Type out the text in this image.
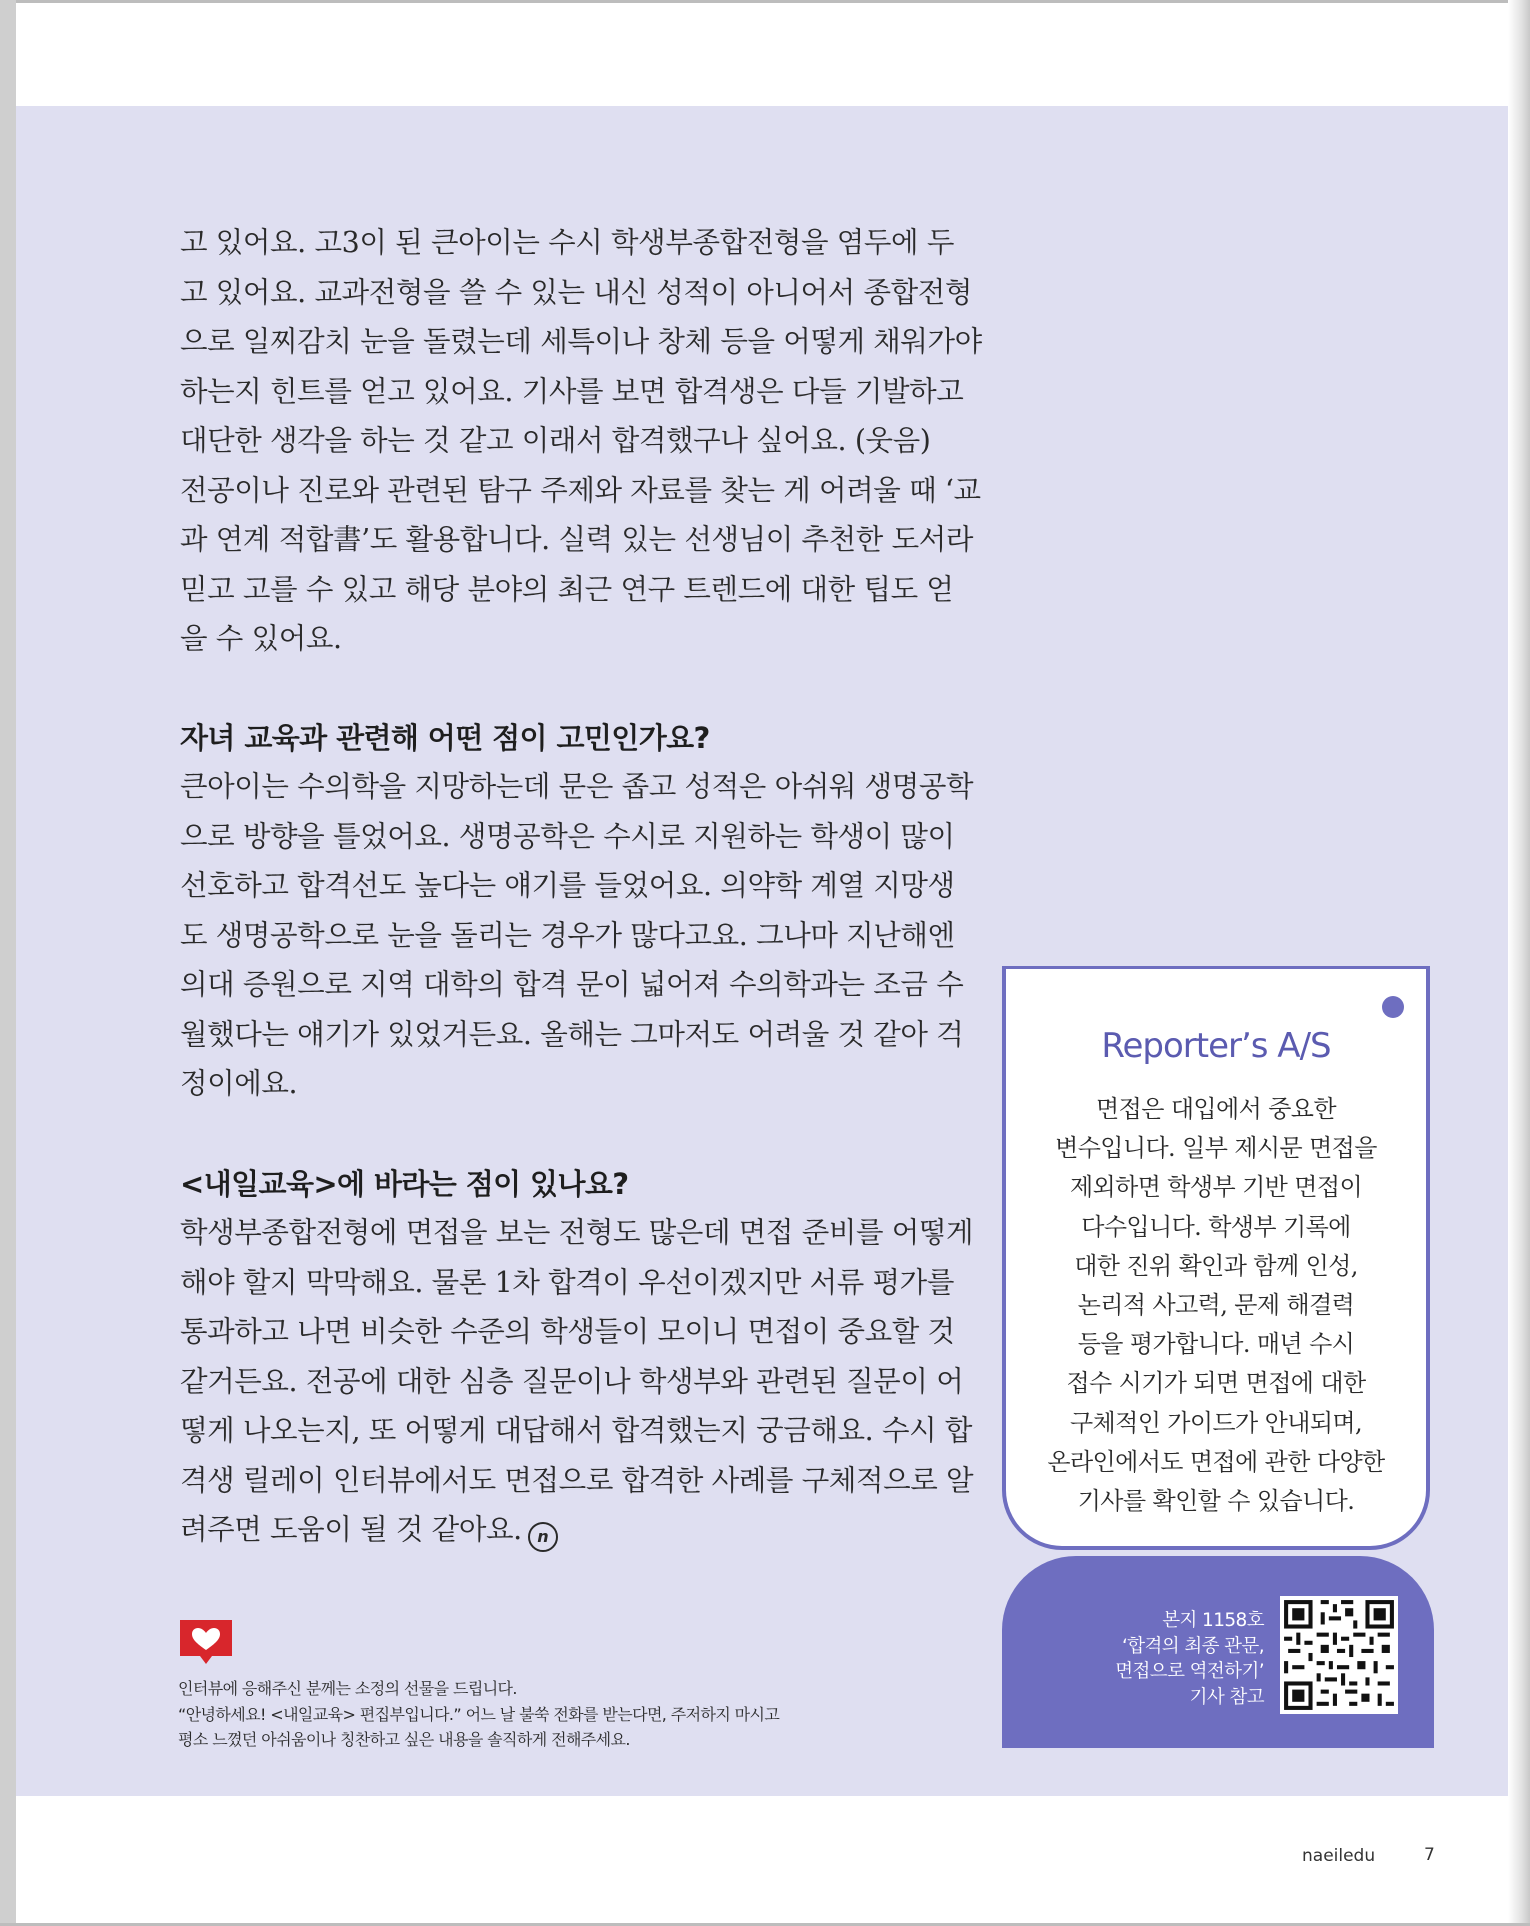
고 있어요. 고3이 된 큰아이는 수시 학생부종합전형을 염두에 두
고 있어요. 교과전형을 쓸 수 있는 내신 성적이 아니어서 종합전형
으로 일찌감치 눈을 돌렸는데 세특이나 창체 등을 어떻게 채워가야
하는지 힌트를 얻고 있어요. 기사를 보면 합격생은 다들 기발하고
대단한 생각을 하는 것 같고 이래서 합격했구나 싶어요. (웃음)
전공이나 진로와 관련된 탐구 주제와 자료를 찾는 게 어려울 때 ‘교
과 연계 적합書’도 활용합니다. 실력 있는 선생님이 추천한 도서라
믿고 고를 수 있고 해당 분야의 최근 연구 트렌드에 대한 팁도 얻
을 수 있어요.
자녀 교육과 관련해 어떤 점이 고민인가요?
큰아이는 수의학을 지망하는데 문은 좁고 성적은 아쉬워 생명공학
으로 방향을 틀었어요. 생명공학은 수시로 지원하는 학생이 많이
선호하고 합격선도 높다는 얘기를 들었어요. 의약학 계열 지망생
도 생명공학으로 눈을 돌리는 경우가 많다고요. 그나마 지난해엔
의대 증원으로 지역 대학의 합격 문이 넓어져 수의학과는 조금 수
월했다는 얘기가 있었거든요. 올해는 그마저도 어려울 것 같아 걱
정이에요.
<내일교육>에 바라는 점이 있나요?
학생부종합전형에 면접을 보는 전형도 많은데 면접 준비를 어떻게
해야 할지 막막해요. 물론 1차 합격이 우선이겠지만 서류 평가를
통과하고 나면 비슷한 수준의 학생들이 모이니 면접이 중요할 것
같거든요. 전공에 대한 심층 질문이나 학생부와 관련된 질문이 어
떻게 나오는지, 또 어떻게 대답해서 합격했는지 궁금해요. 수시 합
격생 릴레이 인터뷰에서도 면접으로 합격한 사례를 구체적으로 알
려주면 도움이 될 것 같아요. n
Reporter’s A/S
면접은 대입에서 중요한
변수입니다. 일부 제시문 면접을
제외하면 학생부 기반 면접이
다수입니다. 학생부 기록에
대한 진위 확인과 함께 인성,
논리적 사고력, 문제 해결력
등을 평가합니다. 매년 수시
접수 시기가 되면 면접에 대한
구체적인 가이드가 안내되며,
온라인에서도 면접에 관한 다양한
기사를 확인할 수 있습니다.
본지 1158호
‘합격의 최종 관문,
면접으로 역전하기’
기사 참고
인터뷰에 응해주신 분께는 소정의 선물을 드립니다.
“안녕하세요! <내일교육> 편집부입니다.” 어느 날 불쑥 전화를 받는다면, 주저하지 마시고
평소 느꼈던 아쉬움이나 칭찬하고 싶은 내용을 솔직하게 전해주세요.
naeiledu	7
